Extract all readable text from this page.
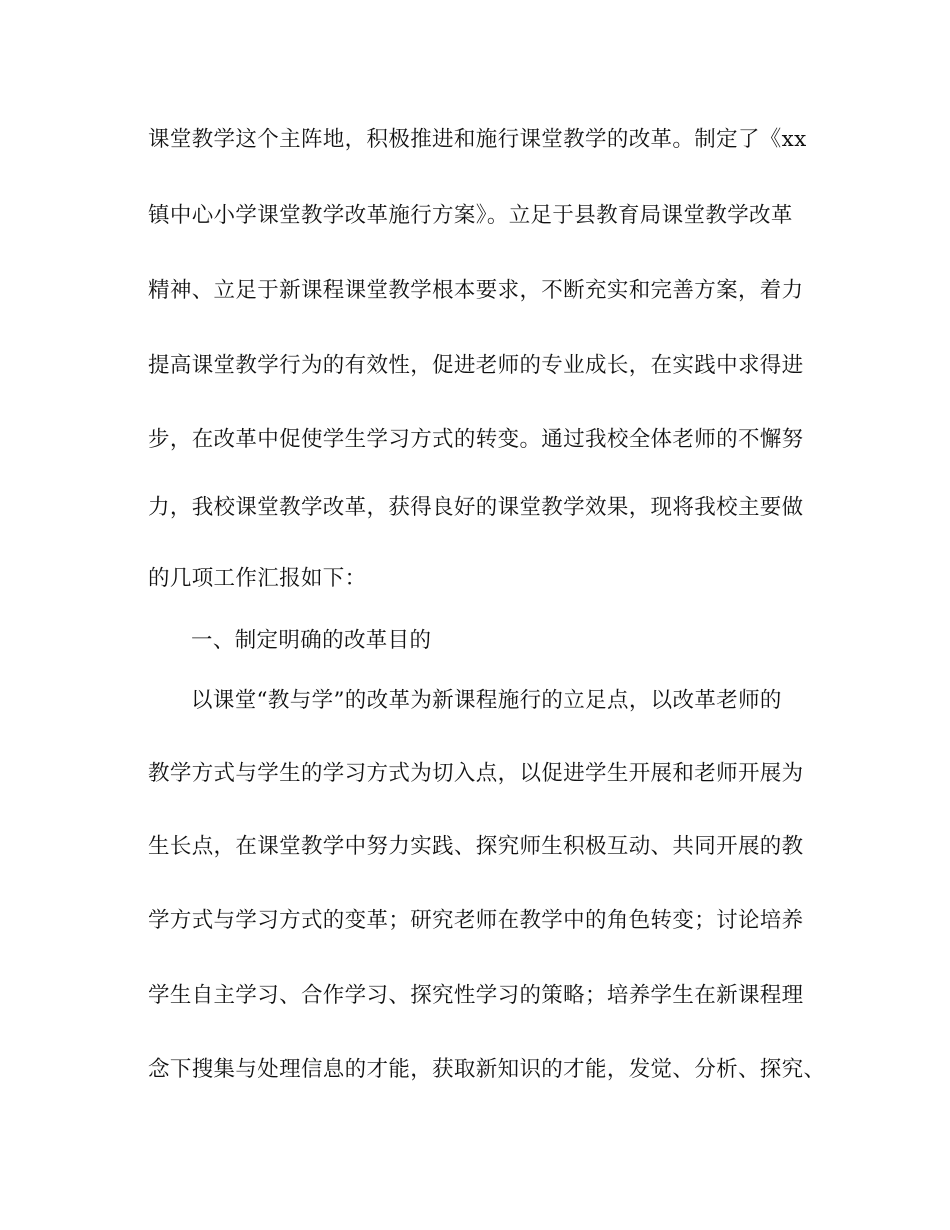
课堂教学这个主阵地，积极推进和施行课堂教学的改革。制定了《xx
镇中心小学课堂教学改革施行方案》。立足于县教育局课堂教学改革
精神、立足于新课程课堂教学根本要求，不断充实和完善方案，着力
提高课堂教学行为的有效性，促进老师的专业成长，在实践中求得进
步，在改革中促使学生学习方式的转变。通过我校全体老师的不懈努
力，我校课堂教学改革，获得良好的课堂教学效果，现将我校主要做
的几项工作汇报如下：
一、制定明确的改革目的
以课堂“教与学”的改革为新课程施行的立足点，以改革老师的
教学方式与学生的学习方式为切入点，以促进学生开展和老师开展为
生长点，在课堂教学中努力实践、探究师生积极互动、共同开展的教
学方式与学习方式的变革；研究老师在教学中的角色转变；讨论培养
学生自主学习、合作学习、探究性学习的策略；培养学生在新课程理
念下搜集与处理信息的才能，获取新知识的才能，发觉、分析、探究、
